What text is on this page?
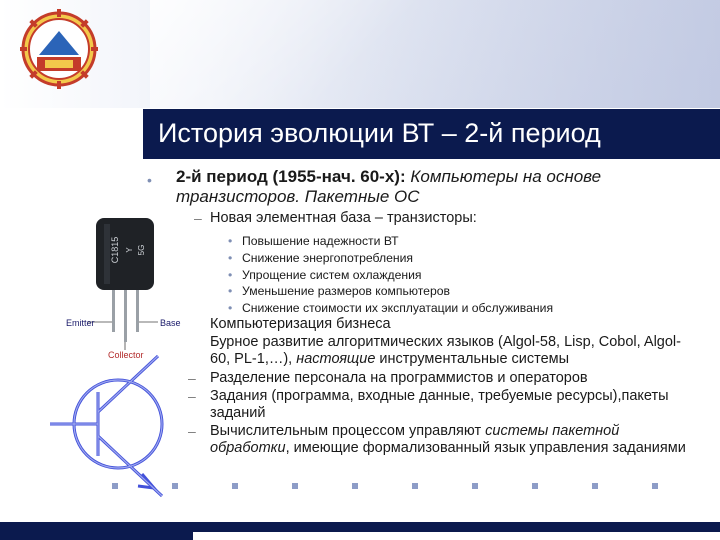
История эволюции ВТ – 2-й период
• 2-й период (1955-нач. 60-х): Компьютеры на основе транзисторов. Пакетные ОС
– Новая элементная база – транзисторы:
• Повышение надежности ВТ
• Снижение энергопотребления
• Упрощение систем охлаждения
• Уменьшение размеров компьютеров
• Снижение стоимости их эксплуатации и обслуживания
Компьютеризация бизнеса
Бурное развитие алгоритмических языков (Algol-58, Lisp, Cobol, Algol-60, PL-1,…), настоящие инструментальные системы
– Разделение персонала на программистов и операторов
– Задания (программа, входные данные, требуемые ресурсы),пакеты заданий
– Вычислительным процессом управляют системы пакетной обработки, имеющие формализованный язык управления заданиями
C1815 Y 5G
Emitter	Base
Collector
